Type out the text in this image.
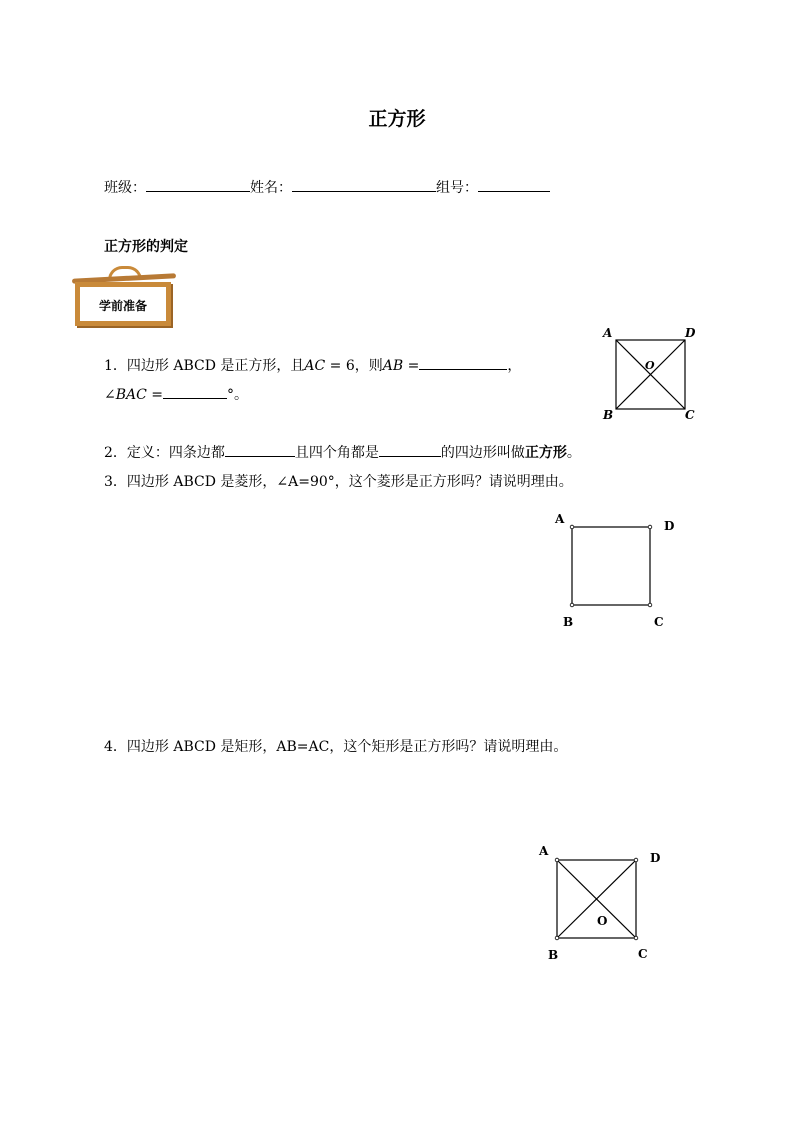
正方形
班级：	姓名：	组号：
正方形的判定
学前准备
1．四边形 ABCD 是正方形，且AC = 6，则AB =	，
∠BAC =	°。
A	D
B	C
O
2．定义：四条边都	且四个角都是	的四边形叫做正方形。
3．四边形 ABCD 是菱形，∠A=90°，这个菱形是正方形吗？请说明理由。
A	D
B	C
4．四边形 ABCD 是矩形，AB=AC，这个矩形是正方形吗？请说明理由。
A	D
B	C
O
